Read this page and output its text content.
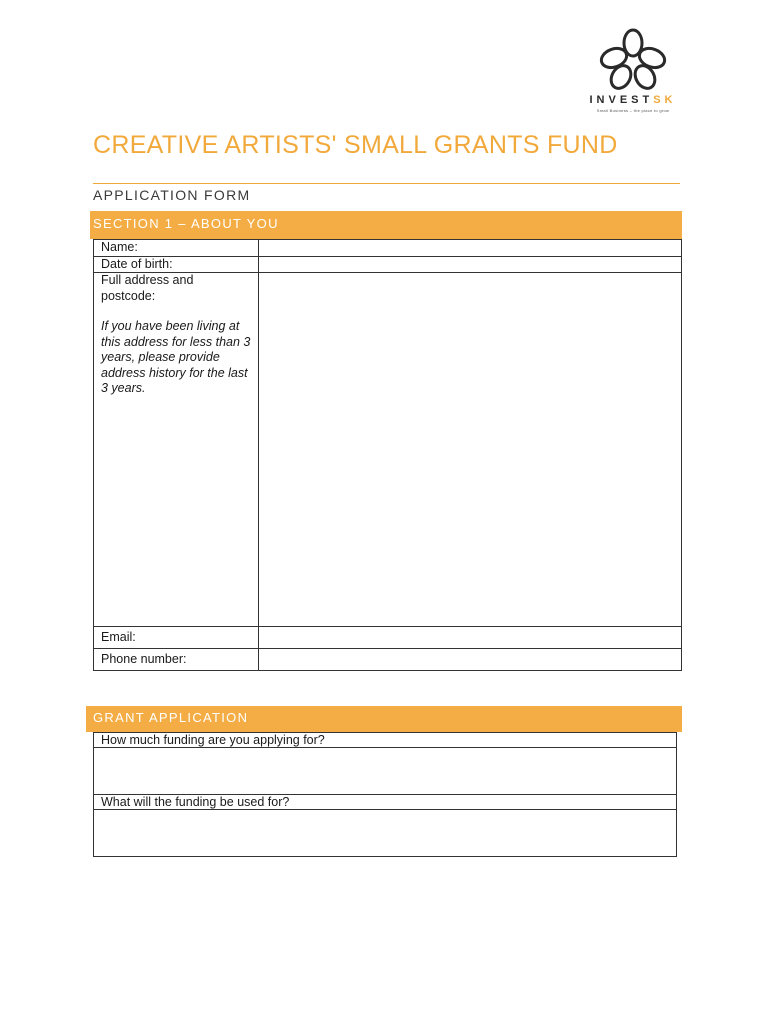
INVESTSK
Small Business – the place to grow
CREATIVE ARTISTS' SMALL GRANTS FUND
APPLICATION FORM
SECTION 1 – ABOUT YOU
Name:	
Date of birth:	
Full address and postcode:
If you have been living at this address for less than 3 years, please provide address history for the last 3 years.	

Email:	
Phone number:	
GRANT APPLICATION
How much funding are you applying for?

What will the funding be used for?
